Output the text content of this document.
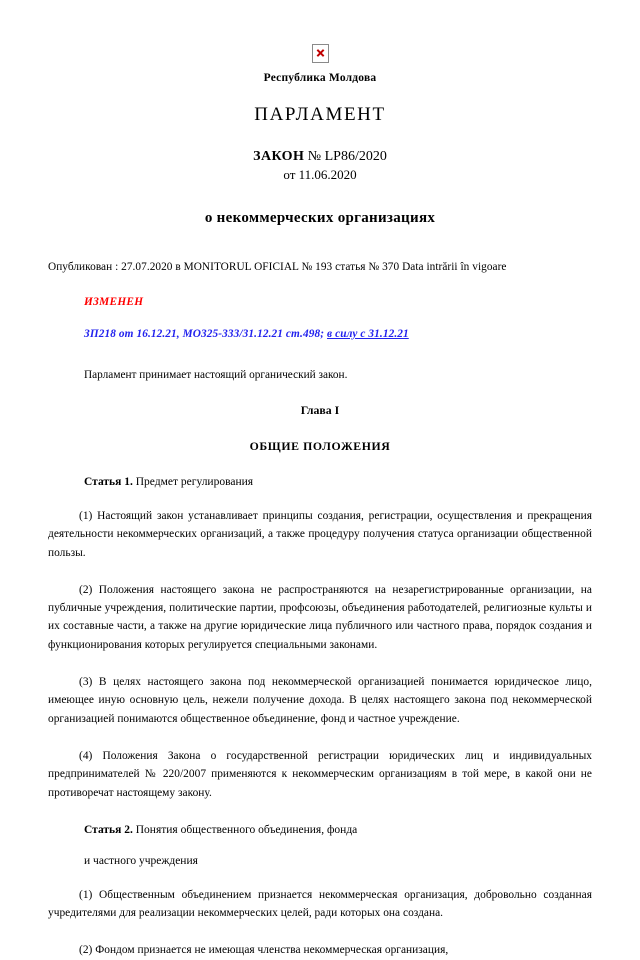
Республика Молдова
ПАРЛАМЕНТ
ЗАКОН № LP86/2020
от 11.06.2020
о некоммерческих организациях
Опубликован : 27.07.2020 в MONITORUL OFICIAL № 193 статья № 370 Data intrării în vigoare
ИЗМЕНЕН
ЗП218 от 16.12.21, МО325-333/31.12.21 ст.498; в силу с 31.12.21
Парламент принимает настоящий органический закон.
Глава I
ОБЩИЕ ПОЛОЖЕНИЯ
Статья 1. Предмет регулирования

(1) Настоящий закон устанавливает принципы создания, регистрации, осуществления и прекращения деятельности некоммерческих организаций, а также процедуру получения статуса организации общественной пользы.

(2) Положения настоящего закона не распространяются на незарегистрированные организации, на публичные учреждения, политические партии, профсоюзы, объединения работодателей, религиозные культы и их составные части, а также на другие юридические лица публичного или частного права, порядок создания и функционирования которых регулируется специальными законами.

(3) В целях настоящего закона под некоммерческой организацией понимается юридическое лицо, имеющее иную основную цель, нежели получение дохода. В целях настоящего закона под некоммерческой организацией понимаются общественное объединение, фонд и частное учреждение.

(4) Положения Закона о государственной регистрации юридических лиц и индивидуальных предпринимателей № 220/2007 применяются к некоммерческим организациям в той мере, в какой они не противоречат настоящему закону.

Статья 2. Понятия общественного объединения, фонда
и частного учреждения

(1) Общественным объединением признается некоммерческая организация, добровольно созданная учредителями для реализации некоммерческих целей, ради которых она создана.

(2) Фондом признается не имеющая членства некоммерческая организация,
